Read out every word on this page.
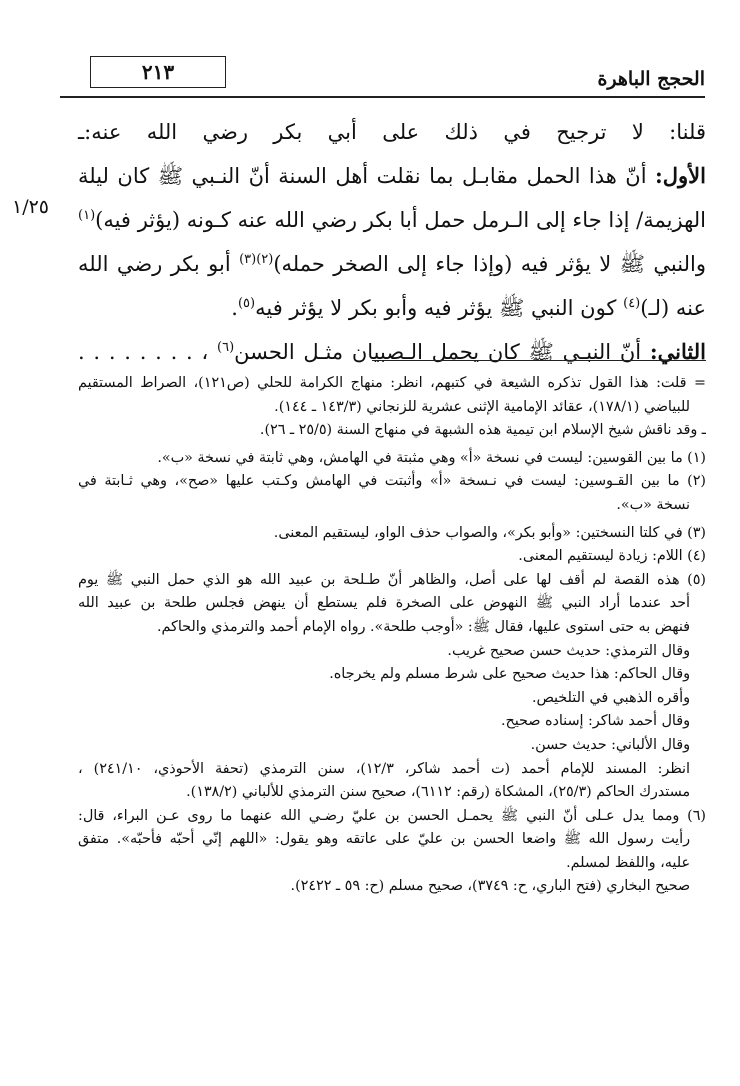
الحجج الباهرة
٢١٣
١/٢٥
قلنا: لا ترجيح في ذلك على أبي بكر رضي الله عنه:ـ
الأول: أنّ هذا الحمل مقابـل بما نقلت أهل السنة أنّ النـبي ﷺ كان ليلة
الهزيمة/ إذا جاء إلى الـرمل حمل أبا بكر رضي الله عنه كـونه (يؤثر فيه)$^{(١)}$
والنبي ﷺ لا يؤثر فيه (وإذا جاء إلى الصخر حمله)$^{(٢)(٣)}$ أبو بكر رضي الله
عنه (لـ)$^{(٤)}$ كون النبي ﷺ يؤثر فيه وأبو بكر لا يؤثر فيه$^{(٥)}$.
الثاني: أنّ النبـي ﷺ كان يحمل الـصبيان مثـل الحسن$^{(٦)}$ ، . . . . . . . .
= قلت: هذا القول تذكره الشيعة في كتبهم، انظر: منهاج الكرامة للحلي (ص١٢١)، الصراط المستقيم
للبياضي (١٧٨/١)، عقائد الإمامية الإثنى عشرية للزنجاني (١٤٣/٣ ـ ١٤٤).
ـ وقد ناقش شيخ الإسلام ابن تيمية هذه الشبهة في منهاج السنة (٢٥/٥ ـ ٢٦).
(١) ما بين القوسين: ليست في نسخة «أ» وهي مثبتة في الهامش، وهي ثابتة في نسخة «ب».
(٢) ما بين القـوسين: ليست في نـسخة «أ» وأثبتت في الهامش وكـتب عليها «صح»، وهي ثـابتة في
نسخة «ب».
(٣) في كلتا النسختين: «وأبو بكر»، والصواب حذف الواو، ليستقيم المعنى.
(٤) اللام: زيادة ليستقيم المعنى.
(٥) هذه القصة لم أقف لها على أصل، والظاهر أنّ طـلحة بن عبيد الله هو الذي حمل النبي ﷺ يوم
أحد عندما أراد النبي ﷺ النهوض على الصخرة فلم يستطع أن ينهض فجلس طلحة بن عبيد الله
فنهض به حتى استوى عليها، فقال ﷺ: «أوجب طلحة». رواه الإمام أحمد والترمذي والحاكم.
وقال الترمذي: حديث حسن صحيح غريب.
وقال الحاكم: هذا حديث صحيح على شرط مسلم ولم يخرجاه.
وأقره الذهبي في التلخيص.
وقال أحمد شاكر: إسناده صحيح.
وقال الألباني: حديث حسن.
انظر: المسند للإمام أحمد (ت أحمد شاكر، ١٢/٣)، سنن الترمذي (تحفة الأحوذي، ٢٤١/١٠) ،
مستدرك الحاكم (٢٥/٣)، المشكاة (رقم: ٦١١٢)، صحيح سنن الترمذي للألباني (١٣٨/٢).
(٦) ومما يدل عـلى أنّ النبي ﷺ يحمـل الحسن بن عليّ رضـي الله عنهما ما روى عـن البراء، قال:
رأيت رسول الله ﷺ واضعا الحسن بن عليّ على عاتقه وهو يقول: «اللهم إنّي أحبّه فأحبّه». متفق
عليه، واللفظ لمسلم.
صحيح البخاري (فتح الباري، ح: ٣٧٤٩)، صحيح مسلم (ح: ٥٩ ـ ٢٤٢٢).
